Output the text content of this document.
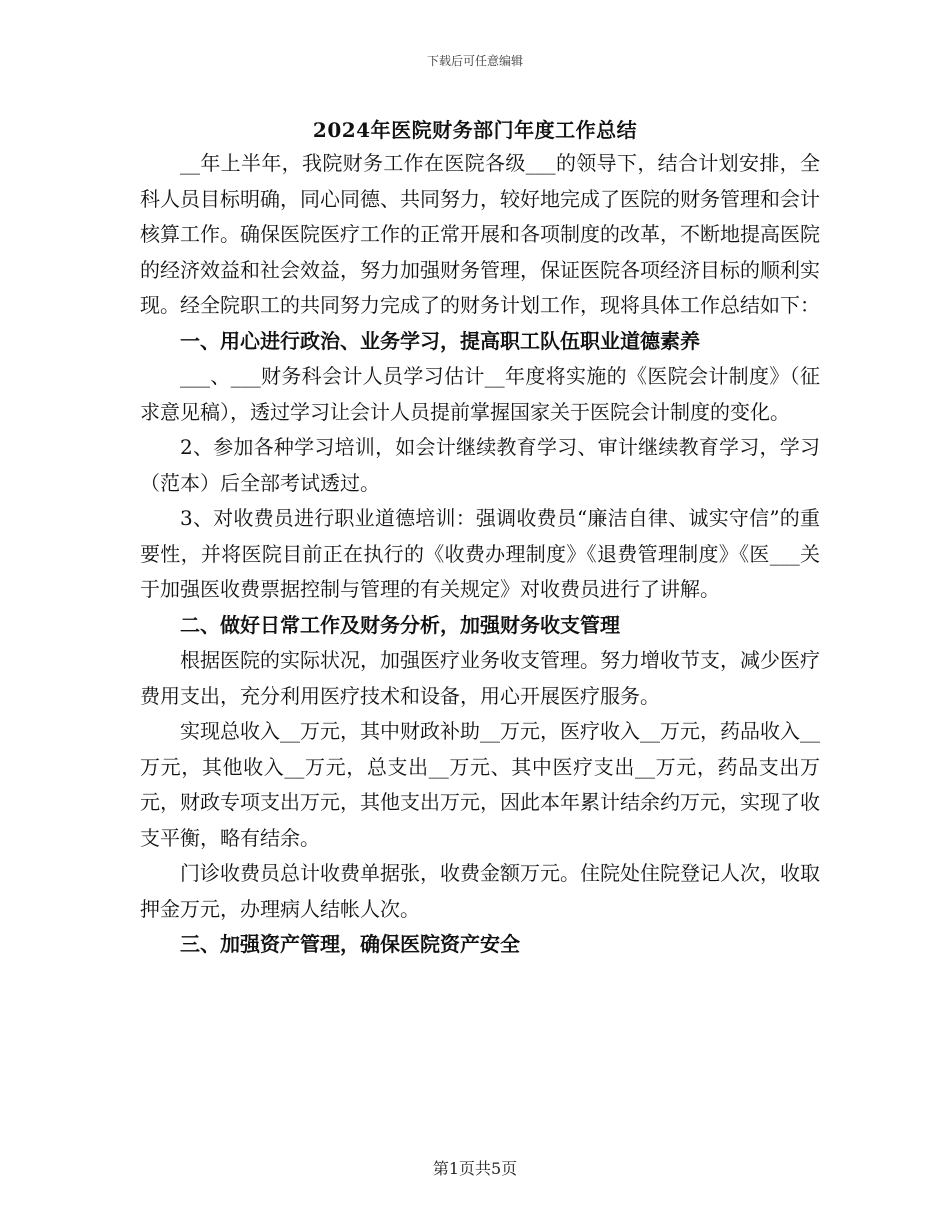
下载后可任意编辑
2024年医院财务部门年度工作总结

__年上半年，我院财务工作在医院各级___的领导下，结合计划安排，全科人员目标明确，同心同德、共同努力，较好地完成了医院的财务管理和会计核算工作。确保医院医疗工作的正常开展和各项制度的改革，不断地提高医院的经济效益和社会效益，努力加强财务管理，保证医院各项经济目标的顺利实现。经全院职工的共同努力完成了的财务计划工作，现将具体工作总结如下：

一、用心进行政治、业务学习，提高职工队伍职业道德素养

___、___财务科会计人员学习估计__年度将实施的《医院会计制度》（征求意见稿），透过学习让会计人员提前掌握国家关于医院会计制度的变化。

2、参加各种学习培训，如会计继续教育学习、审计继续教育学习，学习（范本）后全部考试透过。

3、对收费员进行职业道德培训：强调收费员“廉洁自律、诚实守信”的重要性，并将医院目前正在执行的《收费办理制度》《退费管理制度》《医___关于加强医收费票据控制与管理的有关规定》对收费员进行了讲解。

二、做好日常工作及财务分析，加强财务收支管理

根据医院的实际状况，加强医疗业务收支管理。努力增收节支，减少医疗费用支出，充分利用医疗技术和设备，用心开展医疗服务。

实现总收入__万元，其中财政补助__万元，医疗收入__万元，药品收入__万元，其他收入__万元，总支出__万元、其中医疗支出__万元，药品支出万元，财政专项支出万元，其他支出万元，因此本年累计结余约万元，实现了收支平衡，略有结余。

门诊收费员总计收费单据张，收费金额万元。住院处住院登记人次，收取押金万元，办理病人结帐人次。

三、加强资产管理，确保医院资产安全

第1页共5页
